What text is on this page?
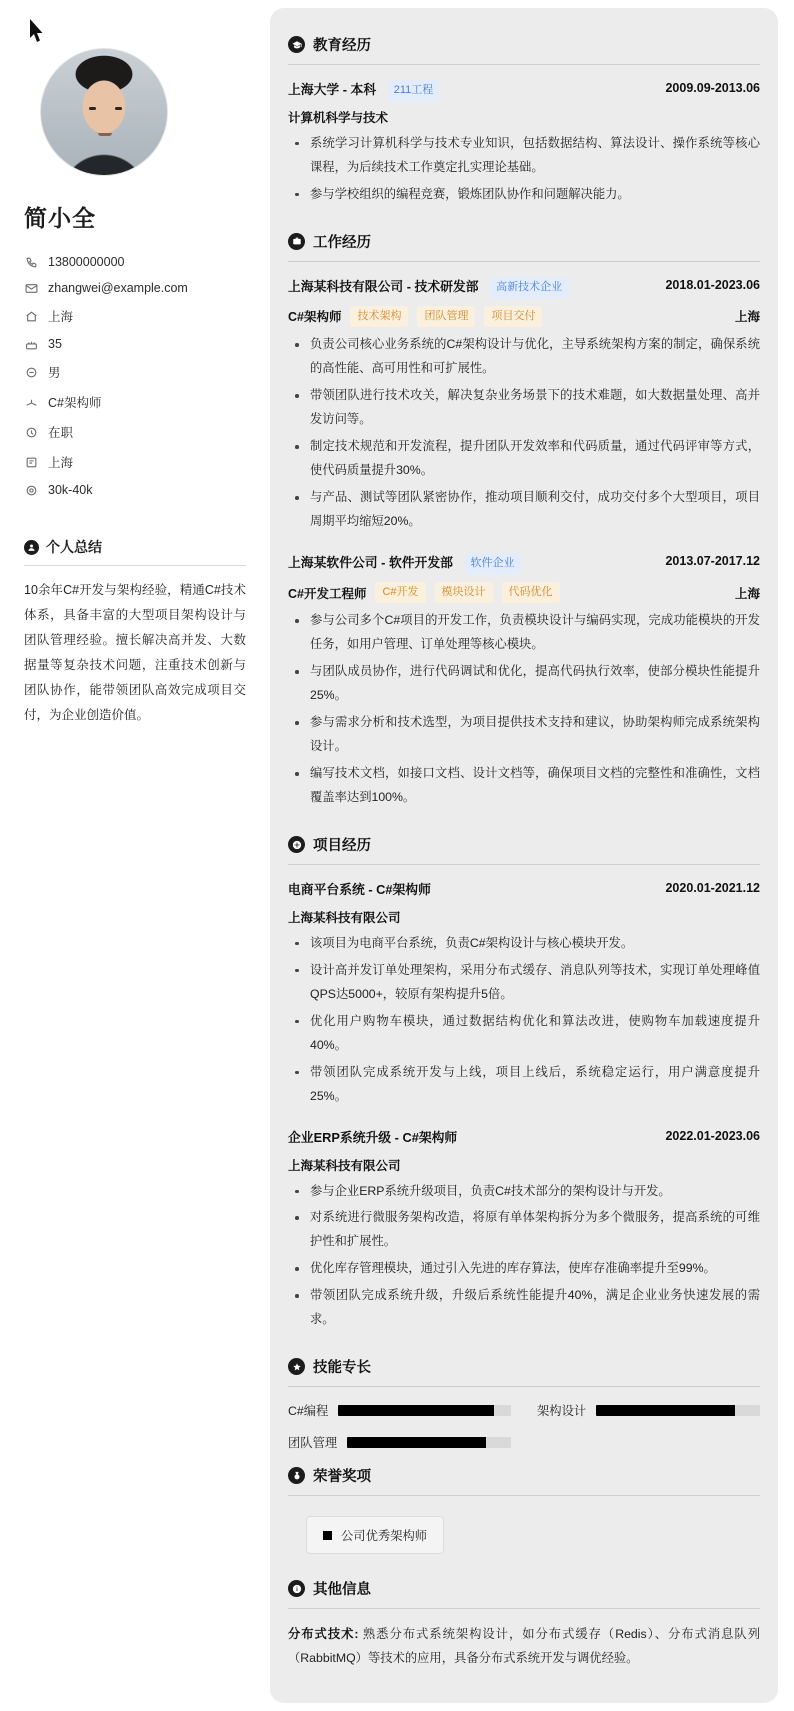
简小全
13800000000
zhangwei@example.com
上海
35
男
C#架构师
在职
上海
30k-40k
个人总结

10余年C#开发与架构经验，精通C#技术体系，具备丰富的大型项目架构设计与团队管理经验。擅长解决高并发、大数据量等复杂技术问题，注重技术创新与团队协作，能带领团队高效完成项目交付，为企业创造价值。

教育经历
上海大学 - 本科 211工程	2009.09-2013.06
计算机科学与技术
系统学习计算机科学与技术专业知识，包括数据结构、算法设计、操作系统等核心课程，为后续技术工作奠定扎实理论基础。
参与学校组织的编程竞赛，锻炼团队协作和问题解决能力。
工作经历
上海某科技有限公司 - 技术研发部 高新技术企业	2018.01-2023.06
C#架构师	技术架构	团队管理	项目交付	上海
负责公司核心业务系统的C#架构设计与优化，主导系统架构方案的制定，确保系统的高性能、高可用性和可扩展性。
带领团队进行技术攻关，解决复杂业务场景下的技术难题，如大数据量处理、高并发访问等。
制定技术规范和开发流程，提升团队开发效率和代码质量，通过代码评审等方式，使代码质量提升30%。
与产品、测试等团队紧密协作，推动项目顺利交付，成功交付多个大型项目，项目周期平均缩短20%。
上海某软件公司 - 软件开发部 软件企业	2013.07-2017.12
C#开发工程师	C#开发	模块设计	代码优化	上海
参与公司多个C#项目的开发工作，负责模块设计与编码实现，完成功能模块的开发任务，如用户管理、订单处理等核心模块。
与团队成员协作，进行代码调试和优化，提高代码执行效率，使部分模块性能提升25%。
参与需求分析和技术选型，为项目提供技术支持和建议，协助架构师完成系统架构设计。
编写技术文档，如接口文档、设计文档等，确保项目文档的完整性和准确性，文档覆盖率达到100%。
项目经历
电商平台系统 - C#架构师	2020.01-2021.12
上海某科技有限公司
该项目为电商平台系统，负责C#架构设计与核心模块开发。
设计高并发订单处理架构，采用分布式缓存、消息队列等技术，实现订单处理峰值QPS达5000+，较原有架构提升5倍。
优化用户购物车模块，通过数据结构优化和算法改进，使购物车加载速度提升40%。
带领团队完成系统开发与上线，项目上线后，系统稳定运行，用户满意度提升25%。
企业ERP系统升级 - C#架构师	2022.01-2023.06
上海某科技有限公司
参与企业ERP系统升级项目，负责C#技术部分的架构设计与开发。
对系统进行微服务架构改造，将原有单体架构拆分为多个微服务，提高系统的可维护性和扩展性。
优化库存管理模块，通过引入先进的库存算法，使库存准确率提升至99%。
带领团队完成系统升级，升级后系统性能提升40%，满足企业业务快速发展的需求。
技能专长
C#编程	架构设计
团队管理
荣誉奖项
公司优秀架构师
其他信息

分布式技术: 熟悉分布式系统架构设计，如分布式缓存（Redis）、分布式消息队列（RabbitMQ）等技术的应用，具备分布式系统开发与调优经验。
